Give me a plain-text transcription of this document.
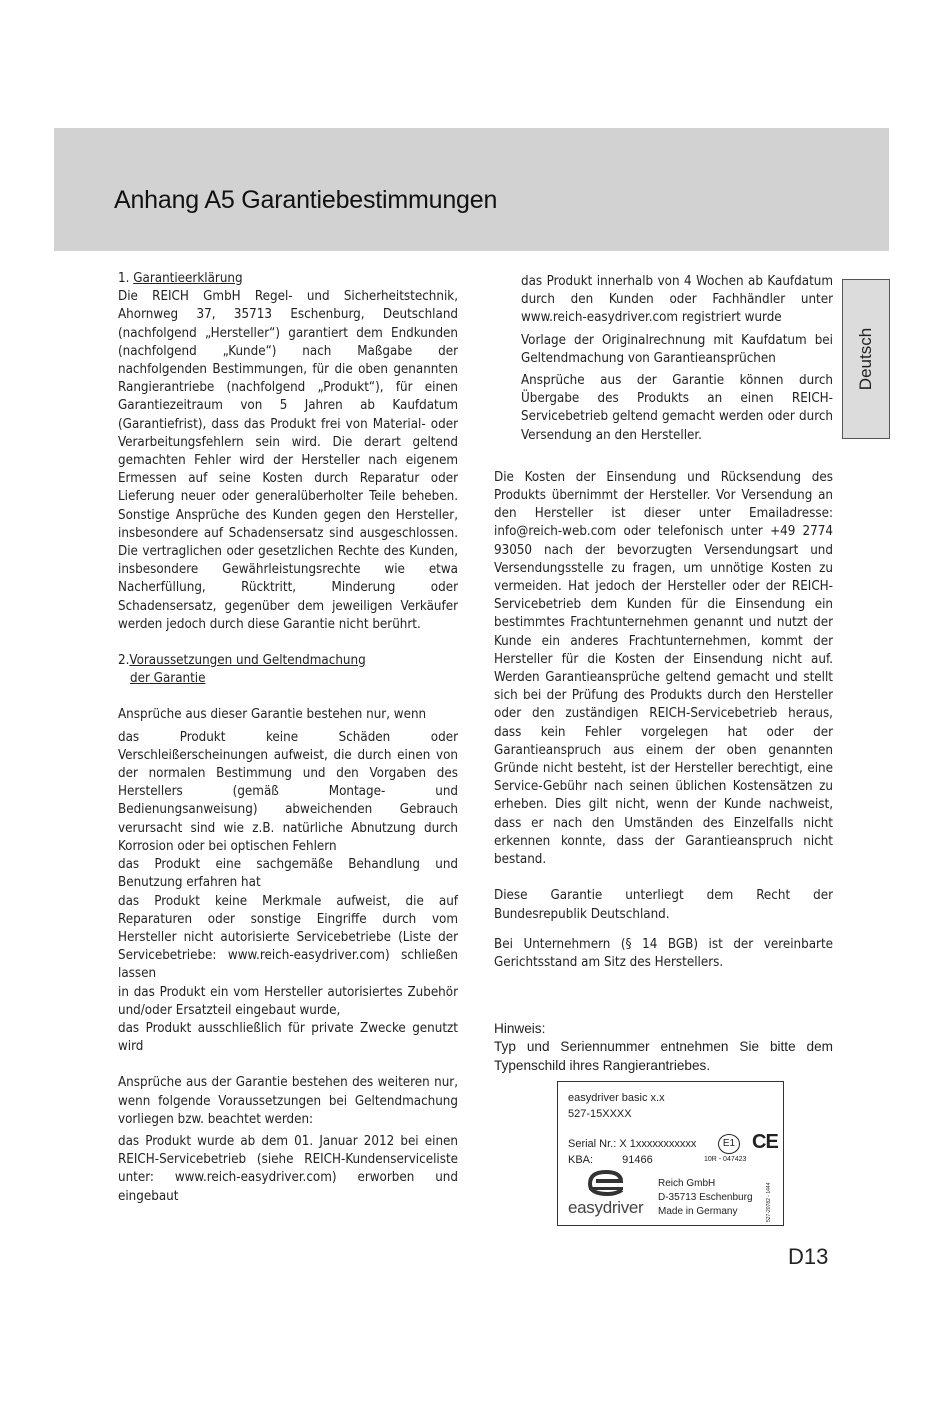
Anhang A5 Garantiebestimmungen
Deutsch

1. Garantieerklärung

Die REICH GmbH Regel- und Sicherheitstechnik, Ahornweg 37, 35713 Eschenburg, Deutschland (nachfolgend „Hersteller“) garantiert dem Endkunden (nachfolgend „Kunde“) nach Maßgabe der nachfolgenden Bestimmungen, für die oben genannten Rangierantriebe (nachfolgend „Produkt“), für einen Garantiezeitraum von 5 Jahren ab Kaufdatum (Garantiefrist), dass das Produkt frei von Material- oder Verarbeitungsfehlern sein wird. Die derart geltend gemachten Fehler wird der Hersteller nach eigenem Ermessen auf seine Kosten durch Reparatur oder Lieferung neuer oder generalüberholter Teile beheben. Sonstige Ansprüche des Kunden gegen den Hersteller, insbesondere auf Schadensersatz sind ausgeschlossen. Die vertraglichen oder gesetzlichen Rechte des Kunden, insbesondere Gewährleistungsrechte wie etwa Nacherfüllung, Rücktritt, Minderung oder Schadensersatz, gegenüber dem jeweiligen Verkäufer werden jedoch durch diese Garantie nicht berührt.

2.Voraussetzungen und Geltendmachung
der Garantie

Ansprüche aus dieser Garantie bestehen nur, wenn

das Produkt keine Schäden oder Verschleißerscheinungen aufweist, die durch einen von der normalen Bestimmung und den Vorgaben des Herstellers (gemäß Montage- und Bedienungsanweisung) abweichenden Gebrauch verursacht sind wie z.B. natürliche Abnutzung durch Korrosion oder bei optischen Fehlern

das Produkt eine sachgemäße Behandlung und Benutzung erfahren hat

das Produkt keine Merkmale aufweist, die auf Reparaturen oder sonstige Eingriffe durch vom Hersteller nicht autorisierte Servicebetriebe (Liste der Servicebetriebe: www.reich-easydriver.com) schließen lassen

in das Produkt ein vom Hersteller autorisiertes Zubehör und/oder Ersatzteil eingebaut wurde,

das Produkt ausschließlich für private Zwecke genutzt wird

Ansprüche aus der Garantie bestehen des weiteren nur, wenn folgende Voraussetzungen bei Geltendmachung vorliegen bzw. beachtet werden:

das Produkt wurde ab dem 01. Januar 2012 bei einen REICH-Servicebetrieb (siehe REICH-Kundenserviceliste unter: www.reich-easydriver.com) erworben und eingebaut

das Produkt innerhalb von 4 Wochen ab Kaufdatum durch den Kunden oder Fachhändler unter www.reich-easydriver.com registriert wurde

Vorlage der Originalrechnung mit Kaufdatum bei Geltendmachung von Garantieansprüchen

Ansprüche aus der Garantie können durch Übergabe des Produkts an einen REICH-Servicebetrieb geltend gemacht werden oder durch Versendung an den Hersteller.

Die Kosten der Einsendung und Rücksendung des Produkts übernimmt der Hersteller. Vor Versendung an den Hersteller ist dieser unter Emailadresse: info@reich-web.com oder telefonisch unter +49 2774 93050 nach der bevorzugten Versendungsart und Versendungsstelle zu fragen, um unnötige Kosten zu vermeiden. Hat jedoch der Hersteller oder der REICH-Servicebetrieb dem Kunden für die Einsendung ein bestimmtes Frachtunternehmen genannt und nutzt der Kunde ein anderes Frachtunternehmen, kommt der Hersteller für die Kosten der Einsendung nicht auf. Werden Garantieansprüche geltend gemacht und stellt sich bei der Prüfung des Produkts durch den Hersteller oder den zuständigen REICH-Servicebetrieb heraus, dass kein Fehler vorgelegen hat oder der Garantieanspruch aus einem der oben genannten Gründe nicht besteht, ist der Hersteller berechtigt, eine Service-Gebühr nach seinen üblichen Kostensätzen zu erheben. Dies gilt nicht, wenn der Kunde nachweist, dass er nach den Umständen des Einzelfalls nicht erkennen konnte, dass der Garantieanspruch nicht bestand.

Diese Garantie unterliegt dem Recht der Bundesrepublik Deutschland.

Bei Unternehmern (§ 14 BGB) ist der vereinbarte Gerichtsstand am Sitz des Herstellers.

Hinweis:

Typ und Seriennummer entnehmen Sie bitte dem Typenschild ihres Rangierantriebes.

easydriver basic x.x
527-15XXXX
Serial Nr.: X 1xxxxxxxxxxx
KBA:	91466
E1 CE
10R - 047423
527-20782 - 1444
easydriver
Reich GmbH
D-35713 Eschenburg
Made in Germany
D13
